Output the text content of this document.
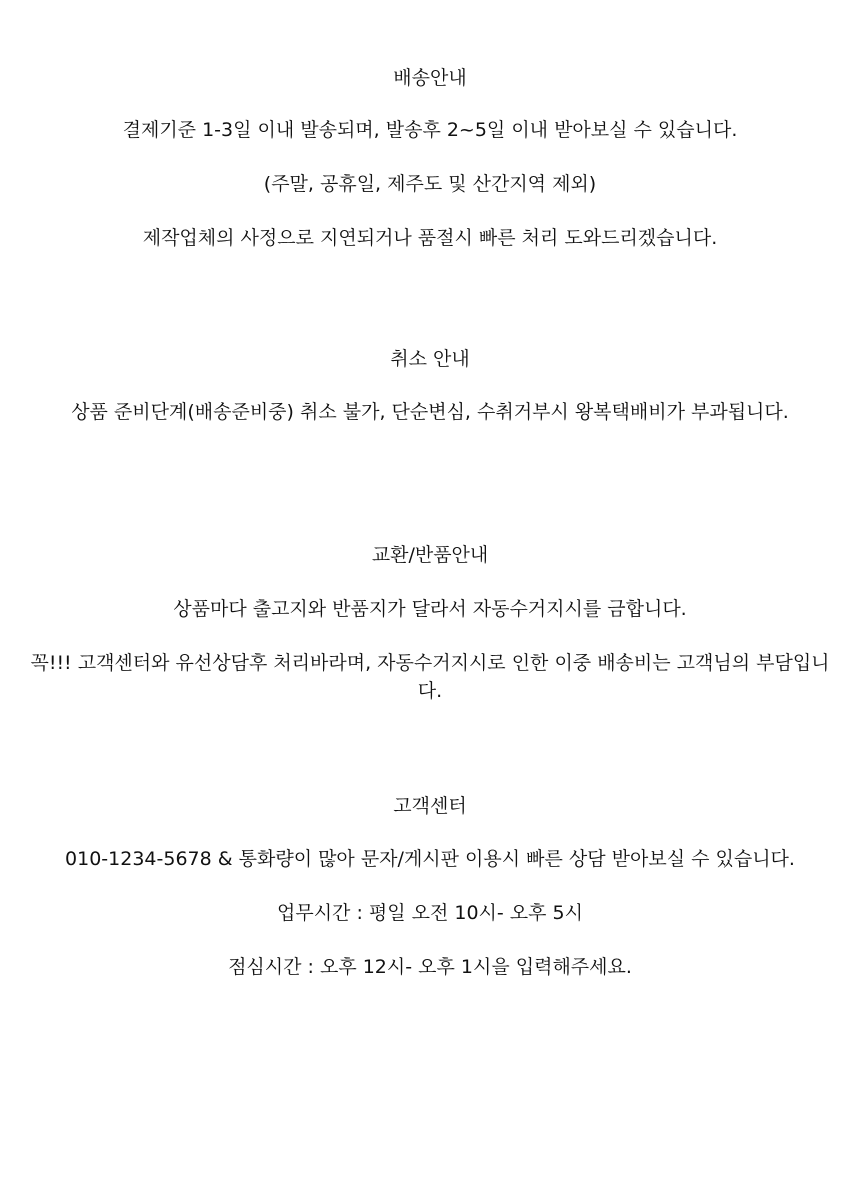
배송안내

결제기준 1-3일 이내 발송되며, 발송후 2~5일 이내 받아보실 수 있습니다.

(주말, 공휴일, 제주도 및 산간지역 제외)

제작업체의 사정으로 지연되거나 품절시 빠른 처리 도와드리겠습니다.

취소 안내

상품 준비단계(배송준비중) 취소 불가, 단순변심, 수취거부시 왕복택배비가 부과됩니다.

교환/반품안내

상품마다 출고지와 반품지가 달라서 자동수거지시를 금합니다.

꼭!!! 고객센터와 유선상담후 처리바라며, 자동수거지시로 인한 이중 배송비는 고객님의 부담입니다.

고객센터

010-1234-5678 & 통화량이 많아 문자/게시판 이용시 빠른 상담 받아보실 수 있습니다.

업무시간 : 평일 오전 10시- 오후 5시

점심시간 : 오후 12시- 오후 1시을 입력해주세요.
